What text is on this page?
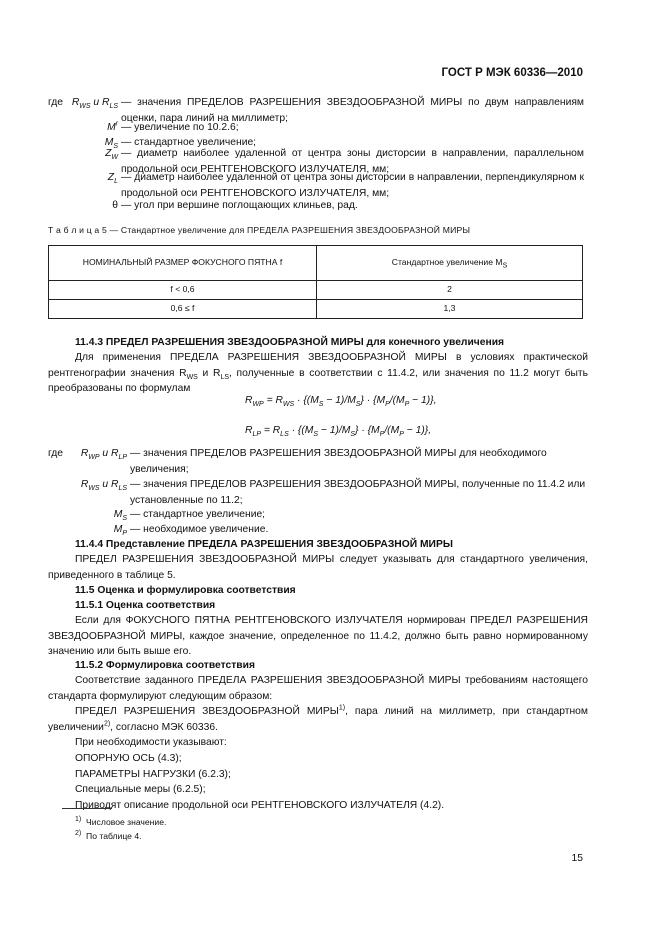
ГОСТ Р МЭК 60336—2010
где $R_{WS}$ и $R_{LS}$ — значения ПРЕДЕЛОВ РАЗРЕШЕНИЯ ЗВЕЗДООБРАЗНОЙ МИРЫ по двум направлениям оценки, пара линий на миллиметр;
$M^r$ — увеличение по 10.2.6;
$M_S$ — стандартное увеличение;
$Z_W$ — диаметр наиболее удаленной от центра зоны дисторсии в направлении, параллельном продольной оси РЕНТГЕНОВСКОГО ИЗЛУЧАТЕЛЯ, мм;
$Z_L$ — диаметр наиболее удаленной от центра зоны дисторсии в направлении, перпендикулярном к продольной оси РЕНТГЕНОВСКОГО ИЗЛУЧАТЕЛЯ, мм;
θ — угол при вершине поглощающих клиньев, рад.
Т а б л и ц а 5 — Стандартное увеличение для ПРЕДЕЛА РАЗРЕШЕНИЯ ЗВЕЗДООБРАЗНОЙ МИРЫ
НОМИНАЛЬНЫЙ РАЗМЕР ФОКУСНОГО ПЯТНА f	Стандартное увеличение $M_S$
f < 0,6	2
0,6 ≤ f	1,3
11.4.3 ПРЕДЕЛ РАЗРЕШЕНИЯ ЗВЕЗДООБРАЗНОЙ МИРЫ для конечного увеличения

Для применения ПРЕДЕЛА РАЗРЕШЕНИЯ ЗВЕЗДООБРАЗНОЙ МИРЫ в условиях практической рентгенографии значения $R_{WS}$ и $R_{LS}$, полученные в соответствии с 11.4.2, или значения по 11.2 могут быть преобразованы по формулам

$R_{WP} = R_{WS} \cdot \{(M_S - 1)/M_S\} \cdot \{M_P/(M_P - 1)\}$,
$R_{LP} = R_{LS} \cdot \{(M_S - 1)/M_S\} \cdot \{M_P/(M_P - 1)\}$,
где	$R_{WP}$ и $R_{LP}$ — значения ПРЕДЕЛОВ РАЗРЕШЕНИЯ ЗВЕЗДООБРАЗНОЙ МИРЫ для необходимого увеличения;
$R_{WS}$ и $R_{LS}$ — значения ПРЕДЕЛОВ РАЗРЕШЕНИЯ ЗВЕЗДООБРАЗНОЙ МИРЫ, полученные по 11.4.2 или установленные по 11.2;
$M_S$ — стандартное увеличение;
$M_P$ — необходимое увеличение.
11.4.4 Представление ПРЕДЕЛА РАЗРЕШЕНИЯ ЗВЕЗДООБРАЗНОЙ МИРЫ

ПРЕДЕЛ РАЗРЕШЕНИЯ ЗВЕЗДООБРАЗНОЙ МИРЫ следует указывать для стандартного увеличения, приведенного в таблице 5.

11.5 Оценка и формулировка соответствия
11.5.1 Оценка соответствия

Если для ФОКУСНОГО ПЯТНА РЕНТГЕНОВСКОГО ИЗЛУЧАТЕЛЯ нормирован ПРЕДЕЛ РАЗРЕШЕНИЯ ЗВЕЗДООБРАЗНОЙ МИРЫ, каждое значение, определенное по 11.4.2, должно быть равно нормированному значению или быть выше его.

11.5.2 Формулировка соответствия

Соответствие заданного ПРЕДЕЛА РАЗРЕШЕНИЯ ЗВЕЗДООБРАЗНОЙ МИРЫ требованиям настоящего стандарта формулируют следующим образом:

ПРЕДЕЛ РАЗРЕШЕНИЯ ЗВЕЗДООБРАЗНОЙ МИРЫ$^{1)}$, пара линий на миллиметр, при стандартном увеличении$^{2)}$, согласно МЭК 60336.

При необходимости указывают:

ОПОРНУЮ ОСЬ (4.3);

ПАРАМЕТРЫ НАГРУЗКИ (6.2.3);

Специальные меры (6.2.5);

Приводят описание продольной оси РЕНТГЕНОВСКОГО ИЗЛУЧАТЕЛЯ (4.2).

$^{1)}$ Числовое значение.
$^{2)}$ По таблице 4.
15
